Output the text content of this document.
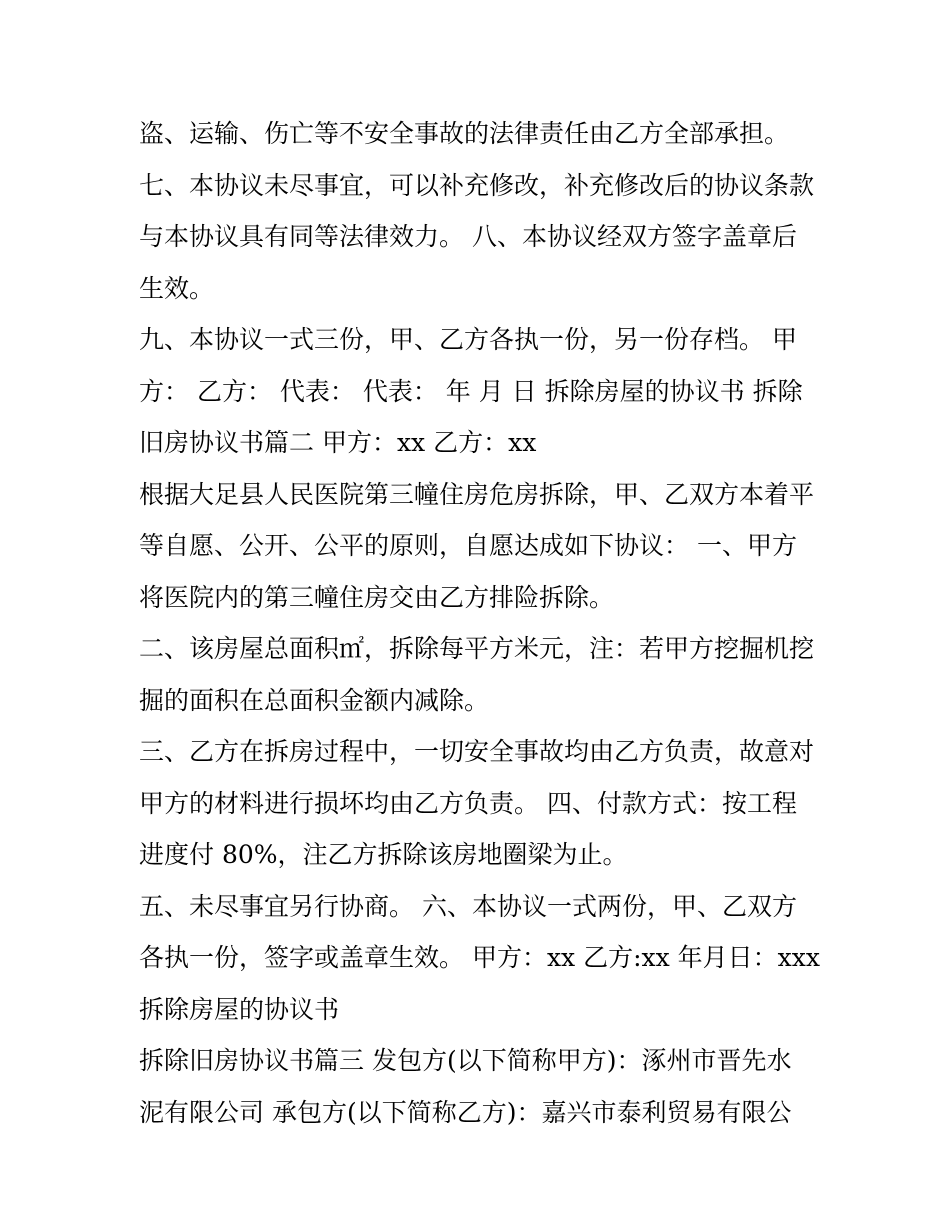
盗、运输、伤亡等不安全事故的法律责任由乙方全部承担。
七、本协议未尽事宜，可以补充修改，补充修改后的协议条款
与本协议具有同等法律效力。 八、本协议经双方签字盖章后
生效。
九、本协议一式三份，甲、乙方各执一份，另一份存档。 甲
方： 乙方： 代表： 代表： 年 月 日 拆除房屋的协议书 拆除
旧房协议书篇二 甲方：xx 乙方：xx
根据大足县人民医院第三幢住房危房拆除，甲、乙双方本着平
等自愿、公开、公平的原则，自愿达成如下协议： 一、甲方
将医院内的第三幢住房交由乙方排险拆除。
二、该房屋总面积㎡，拆除每平方米元，注：若甲方挖掘机挖
掘的面积在总面积金额内减除。
三、乙方在拆房过程中，一切安全事故均由乙方负责，故意对
甲方的材料进行损坏均由乙方负责。 四、付款方式：按工程
进度付 80%，注乙方拆除该房地圈梁为止。
五、未尽事宜另行协商。 六、本协议一式两份，甲、乙双方
各执一份，签字或盖章生效。 甲方：xx 乙方:xx 年月日：xxx
拆除房屋的协议书
拆除旧房协议书篇三 发包方(以下简称甲方)：涿州市晋先水
泥有限公司 承包方(以下简称乙方)：嘉兴市泰利贸易有限公
